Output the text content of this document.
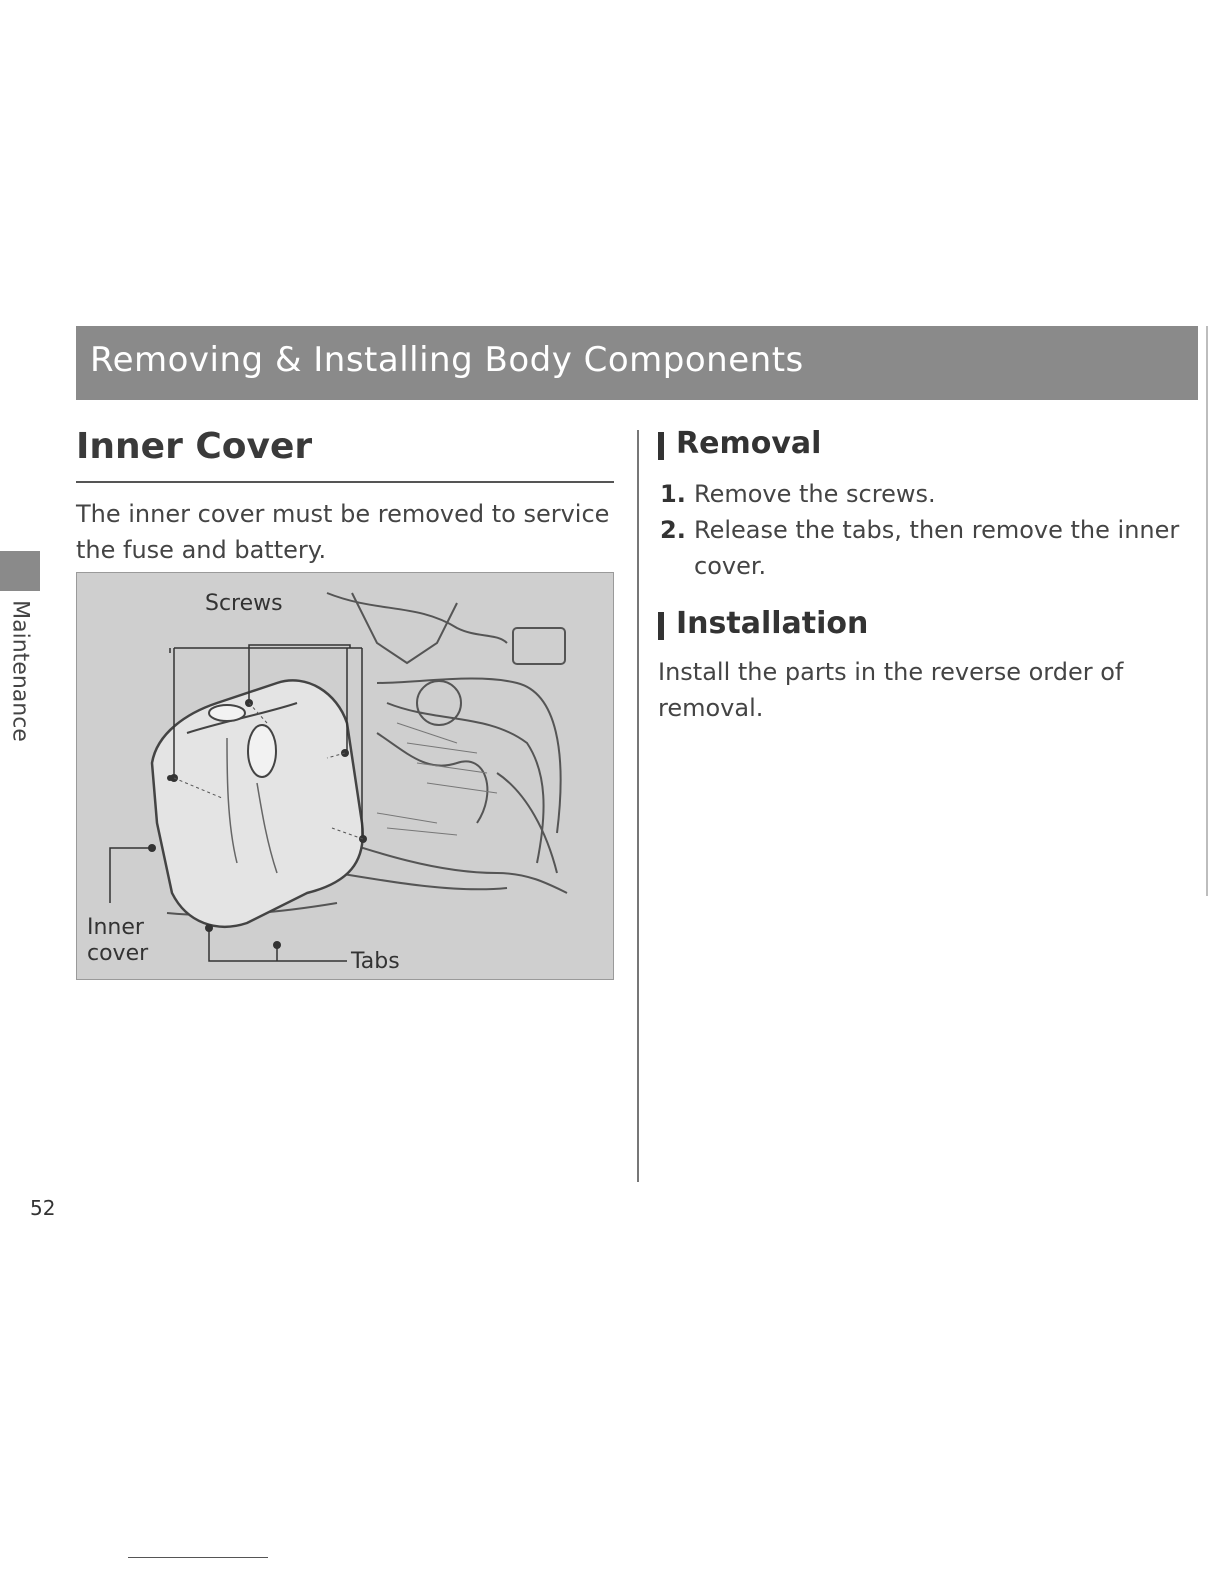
Removing & Installing Body Components
Maintenance
Inner Cover
The inner cover must be removed to service the fuse and battery.
Screws
Inner
cover	Tabs
Removal
1. Remove the screws.
2. Release the tabs, then remove the inner cover.
Installation
Install the parts in the reverse order of removal.
52
